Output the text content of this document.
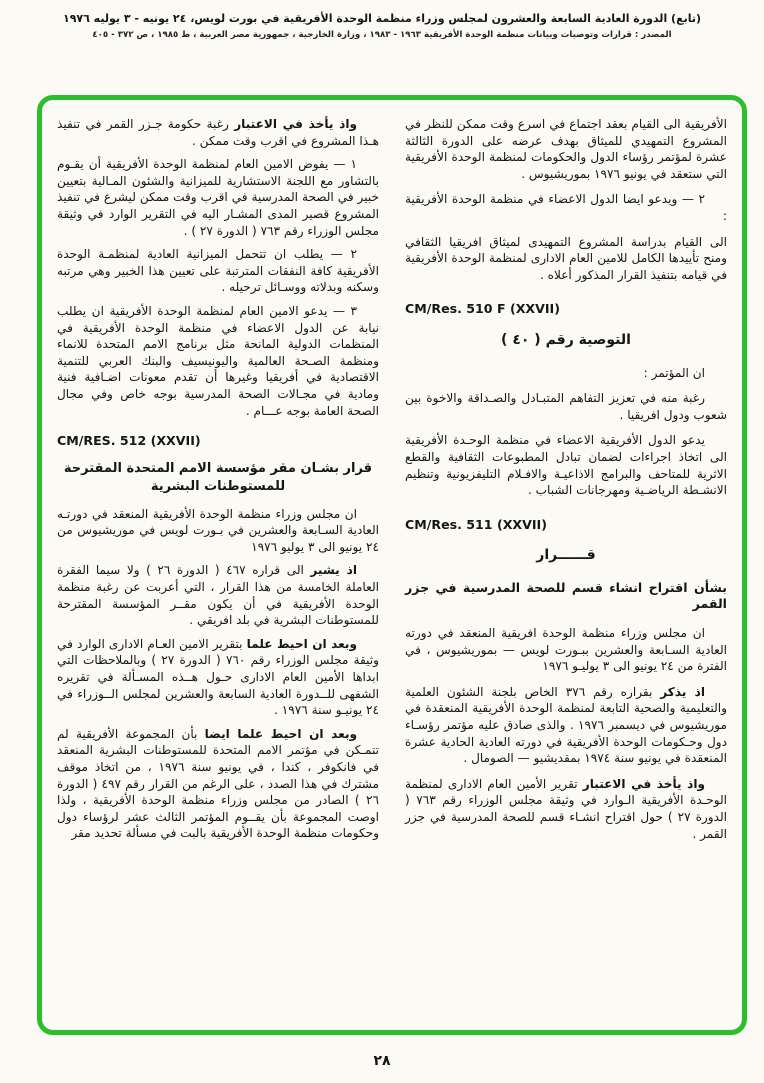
(تابع) الدورة العادية السابعة والعشرون لمجلس وزراء منظمة الوحدة الأفريقية في بورت لويس، ٢٤ يونيه - ٣ يوليه ١٩٧٦
المصدر : قرارات وتوصيات وبيانات منظمة الوحدة الأفريقية ١٩٦٣ - ١٩٨٣ ، وزارة الخارجية ، جمهورية مصر العربية ، ط ١٩٨٥ ، ص ٣٧٢ - ٤٠٥

الأفريقية الى القيام بعقد اجتماع في اسرع وقت ممكن للنظر في المشروع التمهيدي للميثاق بهدف عرضه على الدورة الثالثة عشرة لمؤتمر رؤساء الدول والحكومات لمنظمة الوحدة الأفريقية التي ستعقد في يونيو ١٩٧٦ بموريشيوس .

٢ — ويدعو ايضا الدول الاعضاء في منظمة الوحدة الأفريقية :

الى القيام بدراسة المشروع التمهيدى لميثاق افريقيا الثقافي ومنح تأييدها الكامل للامين العام الادارى لمنظمة الوحدة الأفريقية في قيامه بتنفيذ القرار المذكور أعلاه .

CM/Res. 510 F (XXVII)
التوصية رقم ( ٤٠ )

ان المؤتمر :

رغبة منه في تعزيز التفاهم المتبـادل والصـداقة والاخوة بين شعوب ودول افريقيا .

يدعو الدول الأفريقية الاعضاء في منظمة الوحـدة الأفريقية الى اتخاذ اجراءات لضمان تبادل المطبوعات الثقافية والقطع الاثرية للمتاحف والبرامج الاذاعيـة والافـلام التليفزيونية وتنظيم الانشـطة الرياضـية ومهرجانات الشباب .

CM/Res. 511 (XXVII)
قــــــرار
بشأن اقتراح انشاء قسم للصحة المدرسية في جزر القمر

ان مجلس وزراء منظمة الوحدة افريقية المنعقد في دورته العادية السـابعة والعشرين ببـورت لويس — بموريشيوس ، في الفترة من ٢٤ يونيو الى ٣ يوليـو ١٩٧٦

اذ يذكر بقراره رقم ٣٧٦ الخاص بلجنة الشئون العلمية والتعليمية والصحية التابعة لمنظمة الوحدة الأفريقية المنعقدة في موريشيوس في ديسمبر ١٩٧٦ . والذى صادق عليه مؤتمر رؤسـاء دول وحـكومات الوحدة الأفريقية في دورته العادية الحادية عشرة المنعقدة في يونيو سنة ١٩٧٤ بمقديشيو — الصومال .

واذ يأخذ في الاعتبار تقرير الأمين العام الادارى لمنظمة الوحـدة الأفريقية الـوارد في وثيقة مجلس الوزراء رقم ٧٦٣ ( الدورة ٢٧ ) حول اقتراح انشـاء قسم للصحة المدرسية في جزر القمر .

واذ يأخذ في الاعتبار رغبة حكومة جـزر القمر في تنفيذ هـذا المشروع في اقرب وقت ممكن .

١ — يفوض الامين العام لمنظمة الوحدة الأفريقية أن يقـوم بالتشاور مع اللجنة الاستشارية للميزانية والشئون المـالية بتعيين خبير في الصحة المدرسية في اقرب وقت ممكن ليشرع في تنفيذ المشروع قصير المدى المشـار اليه في التقرير الوارد في وثيقة مجلس الوزراء رقم ٧٦٣ ( الدورة ٢٧ ) .

٢ — يطلب ان تتحمل الميزانية العادية لمنظمـة الوحدة الأفريقية كافة النفقات المترتبة على تعيين هذا الخبير وهي مرتبه وسكنه وبدلاته ووسـائل ترحيله .

٣ — يدعو الامين العام لمنظمة الوحدة الأفريقية ان يطلب نيابة عن الدول الاعضاء في منظمة الوحدة الأفريقية في المنظمات الدولية المانحة مثل برنامج الامم المتحدة للانماء ومنظمة الصـحة العالمية واليونيسيف والبنك العربي للتنمية الاقتصادية في أفريقيا وغيرها أن تقدم معونات اضـافية فنية ومادية في مجـالات الصحة المدرسية بوجه خاص وفي مجال الصحة العامة بوجه عـــام .

CM/RES. 512 (XXVII)
قرار بشـان مقر مؤسسة الامم المتحدة المقترحة للمستوطنات البشرية

ان مجلس وزراء منظمة الوحدة الأفريقية المنعقد في دورتـه العادية السـابعة والعشرين في بـورت لويس في موريشيوس من ٢٤ يونيو الى ٣ يوليو ١٩٧٦

اذ يشير الى قراره ٤٦٧ ( الدورة ٢٦ ) ولا سيما الفقرة العاملة الخامسة من هذا القرار ، التي أعربت عن رغبة منظمة الوحدة الأفريقية في أن يكون مقــر المؤسسة المقترحة للمستوطنات البشرية في بلد افريقي .

وبعد ان احيط علما بتقرير الامين العـام الادارى الوارد في وثيقة مجلس الوزراء رقم ٧٦٠ ( الدورة ٢٧ ) وبالملاحظات التي ابداها الأمين العام الادارى حـول هــذه المسـألة في تقريره الشفهى للــدورة العادية السابعة والعشرين لمجلس الــوزراء في ٢٤ يونيـو سنة ١٩٧٦ .

وبعد ان احيط علما ايضا بأن المجموعة الأفريقية لم تتمـكن في مؤتمر الامم المتحدة للمستوطنات البشرية المنعقد في فانكوفر ، كندا ، في يونيو سنة ١٩٧٦ ، من اتخاذ موقف مشترك في هذا الصدد ، على الرغم من القرار رقم ٤٩٧ ( الدورة ٢٦ ) الصادر من مجلس وزراء منظمة الوحدة الأفريقية ، ولذا اوصت المجموعة بأن يقــوم المؤتمر الثالث عشر لرؤساء دول وحكومات منظمة الوحدة الأفريقية بالبت في مسألة تحديد مقر

٢٨
